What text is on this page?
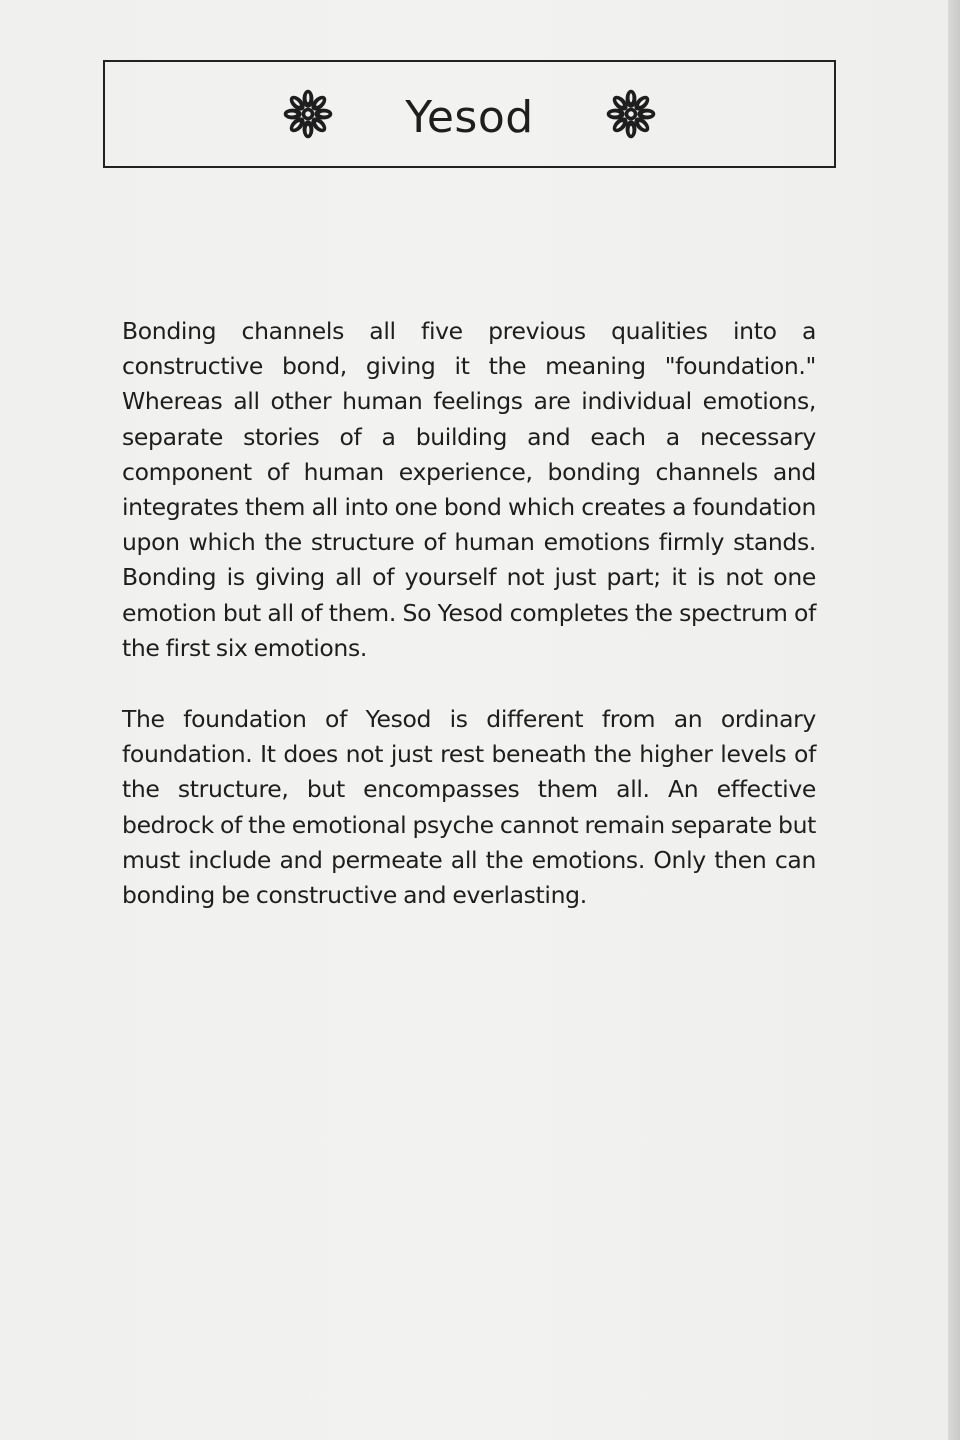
Yesod

Bonding channels all five previous qualities into a constructive bond, giving it the meaning "foundation." Whereas all other human feelings are individual emotions, separate stories of a building and each a necessary component of human experience, bonding channels and integrates them all into one bond which creates a foundation upon which the structure of human emotions firmly stands. Bonding is giving all of yourself not just part; it is not one emotion but all of them. So Yesod completes the spectrum of the first six emotions.

The foundation of Yesod is different from an ordinary foundation. It does not just rest beneath the higher levels of the structure, but encompasses them all. An effective bedrock of the emotional psyche cannot remain separate but must include and permeate all the emotions. Only then can bonding be constructive and everlasting.
